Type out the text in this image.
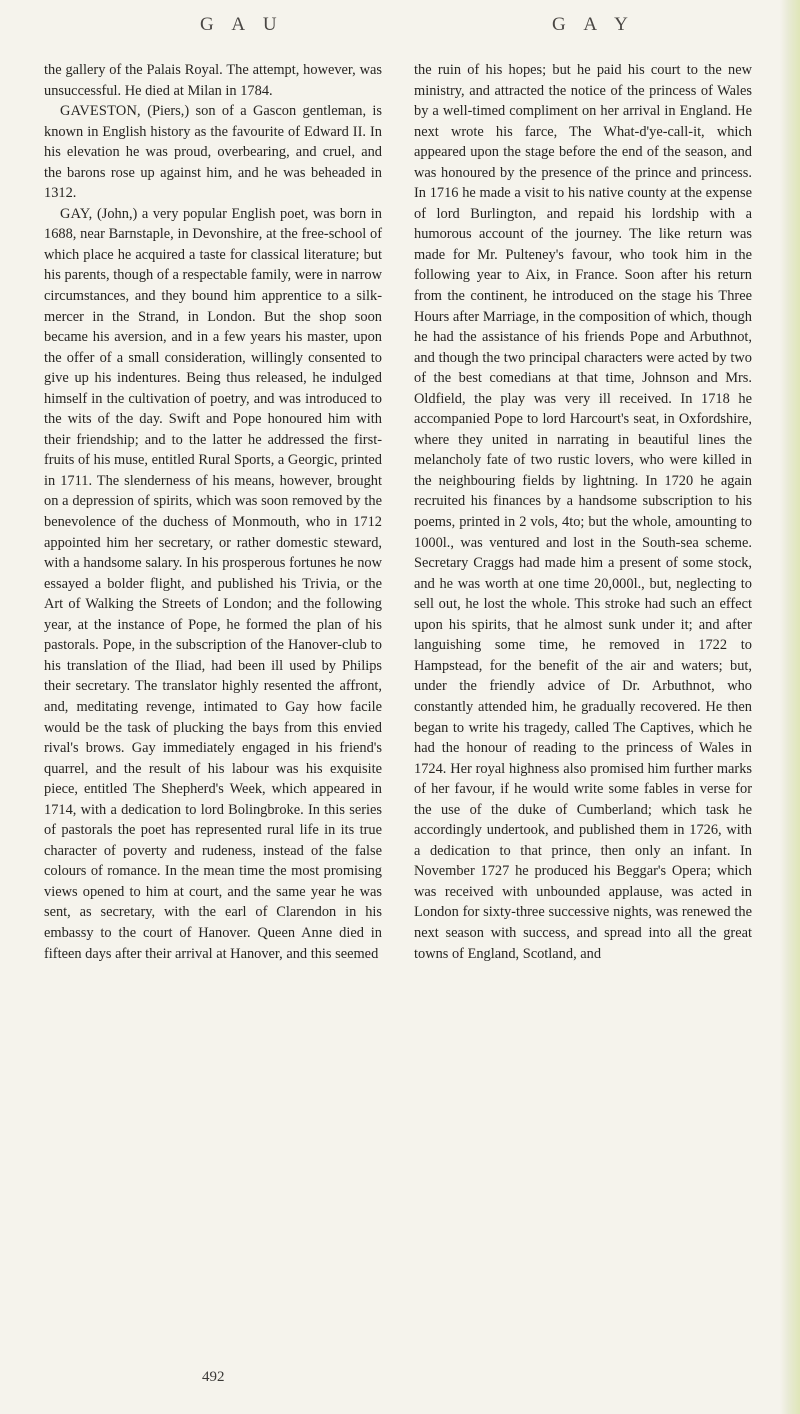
G A U	G A Y

the gallery of the Palais Royal. The attempt, however, was unsuccessful. He died at Milan in 1784.

GAVESTON, (Piers,) son of a Gascon gentleman, is known in English history as the favourite of Edward II. In his elevation he was proud, overbearing, and cruel, and the barons rose up against him, and he was beheaded in 1312.

GAY, (John,) a very popular English poet, was born in 1688, near Barnstaple, in Devonshire, at the free-school of which place he acquired a taste for classical literature; but his parents, though of a respectable family, were in narrow circumstances, and they bound him apprentice to a silk-mercer in the Strand, in London. But the shop soon became his aversion, and in a few years his master, upon the offer of a small consideration, willingly consented to give up his indentures. Being thus released, he indulged himself in the cultivation of poetry, and was introduced to the wits of the day. Swift and Pope honoured him with their friendship; and to the latter he addressed the first-fruits of his muse, entitled Rural Sports, a Georgic, printed in 1711. The slenderness of his means, however, brought on a depression of spirits, which was soon removed by the benevolence of the duchess of Monmouth, who in 1712 appointed him her secretary, or rather domestic steward, with a handsome salary. In his prosperous fortunes he now essayed a bolder flight, and published his Trivia, or the Art of Walking the Streets of London; and the following year, at the instance of Pope, he formed the plan of his pastorals. Pope, in the subscription of the Hanover-club to his translation of the Iliad, had been ill used by Philips their secretary. The translator highly resented the affront, and, meditating revenge, intimated to Gay how facile would be the task of plucking the bays from this envied rival's brows. Gay immediately engaged in his friend's quarrel, and the result of his labour was his exquisite piece, entitled The Shepherd's Week, which appeared in 1714, with a dedication to lord Bolingbroke. In this series of pastorals the poet has represented rural life in its true character of poverty and rudeness, instead of the false colours of romance. In the mean time the most promising views opened to him at court, and the same year he was sent, as secretary, with the earl of Clarendon in his embassy to the court of Hanover. Queen Anne died in fifteen days after their arrival at Hanover, and this seemed

the ruin of his hopes; but he paid his court to the new ministry, and attracted the notice of the princess of Wales by a well-timed compliment on her arrival in England. He next wrote his farce, The What-d'ye-call-it, which appeared upon the stage before the end of the season, and was honoured by the presence of the prince and princess. In 1716 he made a visit to his native county at the expense of lord Burlington, and repaid his lordship with a humorous account of the journey. The like return was made for Mr. Pulteney's favour, who took him in the following year to Aix, in France. Soon after his return from the continent, he introduced on the stage his Three Hours after Marriage, in the composition of which, though he had the assistance of his friends Pope and Arbuthnot, and though the two principal characters were acted by two of the best comedians at that time, Johnson and Mrs. Oldfield, the play was very ill received. In 1718 he accompanied Pope to lord Harcourt's seat, in Oxfordshire, where they united in narrating in beautiful lines the melancholy fate of two rustic lovers, who were killed in the neighbouring fields by lightning. In 1720 he again recruited his finances by a handsome subscription to his poems, printed in 2 vols, 4to; but the whole, amounting to 1000l., was ventured and lost in the South-sea scheme. Secretary Craggs had made him a present of some stock, and he was worth at one time 20,000l., but, neglecting to sell out, he lost the whole. This stroke had such an effect upon his spirits, that he almost sunk under it; and after languishing some time, he removed in 1722 to Hampstead, for the benefit of the air and waters; but, under the friendly advice of Dr. Arbuthnot, who constantly attended him, he gradually recovered. He then began to write his tragedy, called The Captives, which he had the honour of reading to the princess of Wales in 1724. Her royal highness also promised him further marks of her favour, if he would write some fables in verse for the use of the duke of Cumberland; which task he accordingly undertook, and published them in 1726, with a dedication to that prince, then only an infant. In November 1727 he produced his Beggar's Opera; which was received with unbounded applause, was acted in London for sixty-three successive nights, was renewed the next season with success, and spread into all the great towns of England, Scotland, and

492
